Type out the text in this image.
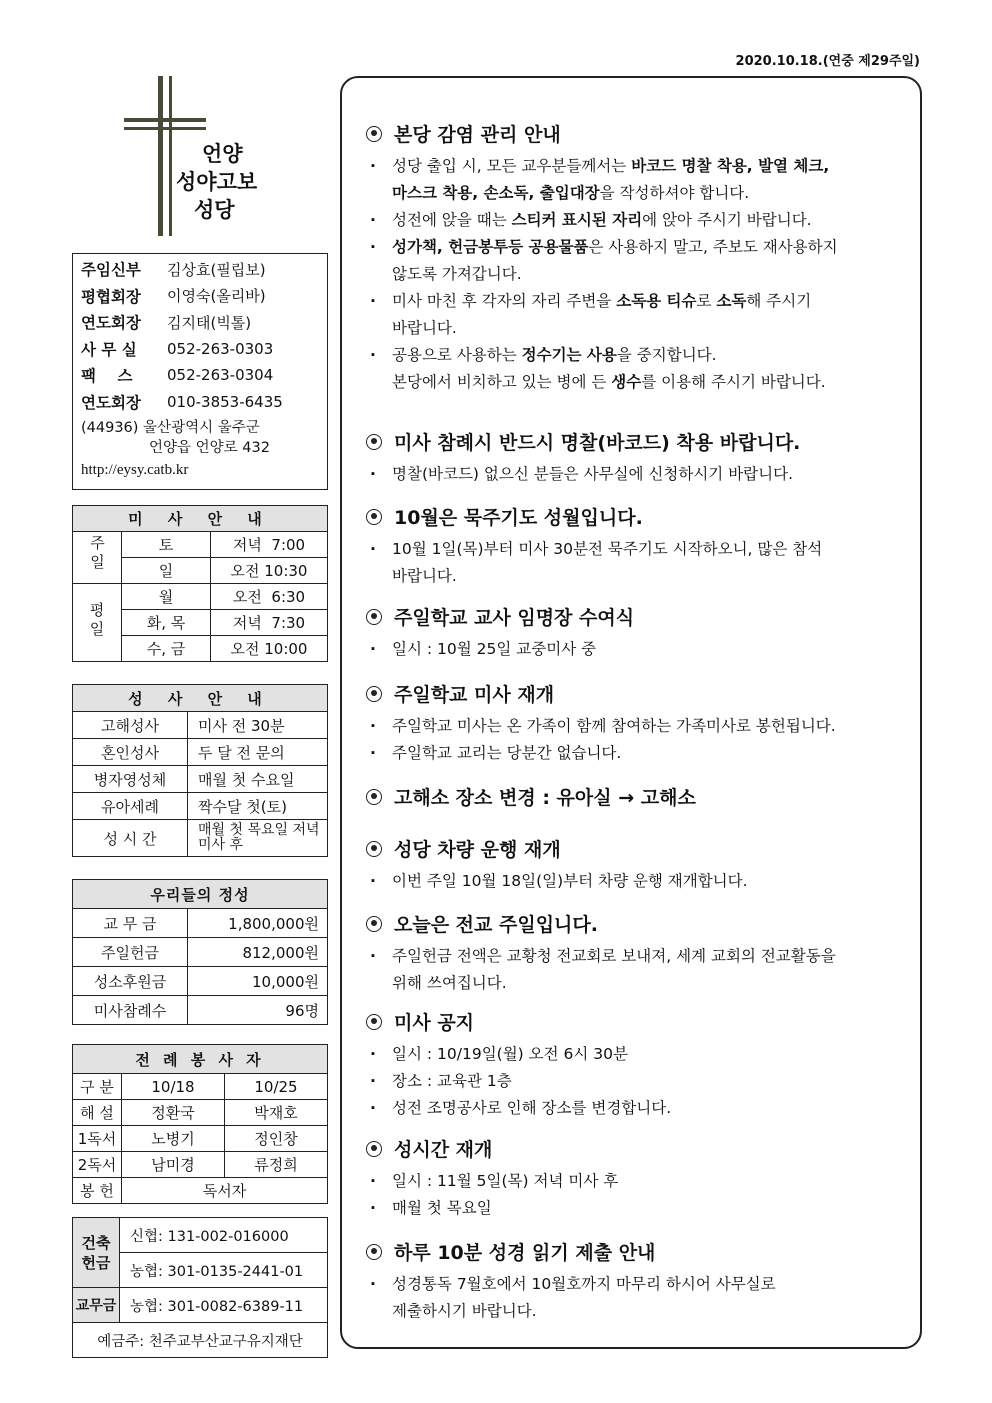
2020.10.18.(연중 제29주일)
언양
성야고보
성당
주임신부	김상효(필립보)
평협회장	이영숙(올리바)
연도회장	김지태(빅톨)
사 무 실	052-263-0303
팩    스	052-263-0304
연도회장	010-3853-6435
(44936) 울산광역시 울주군
언양읍 언양로 432
http://eysy.catb.kr
미 사 안 내		
주일	토	저녁  7:00
	일	오전 10:30
평일	월	오전  6:30
	화, 목	저녁  7:30
	수, 금	오전 10:00
성 사 안 내	
고해성사	미사 전 30분
혼인성사	두 달 전 문의
병자영성체	매월 첫 수요일
유아세례	짝수달 첫(토)
성 시 간	매월 첫 목요일 저녁미사 후
우리들의 정성	
교 무 금	1,800,000원
주일헌금	812,000원
성소후원금	10,000원
미사참례수	96명
전 례 봉 사 자		
구 분	10/18	10/25
해 설	정환국	박재호
1독서	노병기	정인창
2독서	남미경	류정희
봉 헌	독서자	
건축헌금	신협: 131-002-016000
	농협: 301-0135-2441-01
교무금	농협: 301-0082-6389-11
예금주: 천주교부산교구유지재단	
본당 감염 관리 안내
· 성당 출입 시, 모든 교우분들께서는 바코드 명찰 착용, 발열 체크,
마스크 착용, 손소독, 출입대장을 작성하셔야 합니다.
· 성전에 앉을 때는 스티커 표시된 자리에 앉아 주시기 바랍니다.
· 성가책, 헌금봉투등 공용물품은 사용하지 말고, 주보도 재사용하지
않도록 가져갑니다.
· 미사 마친 후 각자의 자리 주변을 소독용 티슈로 소독해 주시기
바랍니다.
· 공용으로 사용하는 정수기는 사용을 중지합니다.
본당에서 비치하고 있는 병에 든 생수를 이용해 주시기 바랍니다.
미사 참례시 반드시 명찰(바코드) 착용 바랍니다.
· 명찰(바코드) 없으신 분들은 사무실에 신청하시기 바랍니다.
10월은 묵주기도 성월입니다.
· 10월 1일(목)부터 미사 30분전 묵주기도 시작하오니, 많은 참석
바랍니다.
주일학교 교사 임명장 수여식
· 일시 : 10월 25일 교중미사 중
주일학교 미사 재개
· 주일학교 미사는 온 가족이 함께 참여하는 가족미사로 봉헌됩니다.
· 주일학교 교리는 당분간 없습니다.
고해소 장소 변경 : 유아실 → 고해소
성당 차량 운행 재개
· 이번 주일 10월 18일(일)부터 차량 운행 재개합니다.
오늘은 전교 주일입니다.
· 주일헌금 전액은 교황청 전교회로 보내져, 세계 교회의 전교활동을
위해 쓰여집니다.
미사 공지
· 일시 : 10/19일(월) 오전 6시 30분
· 장소 : 교육관 1층
· 성전 조명공사로 인해 장소를 변경합니다.
성시간 재개
· 일시 : 11월 5일(목) 저녁 미사 후
· 매월 첫 목요일
하루 10분 성경 읽기 제출 안내
· 성경통독 7월호에서 10월호까지 마무리 하시어 사무실로
제출하시기 바랍니다.
